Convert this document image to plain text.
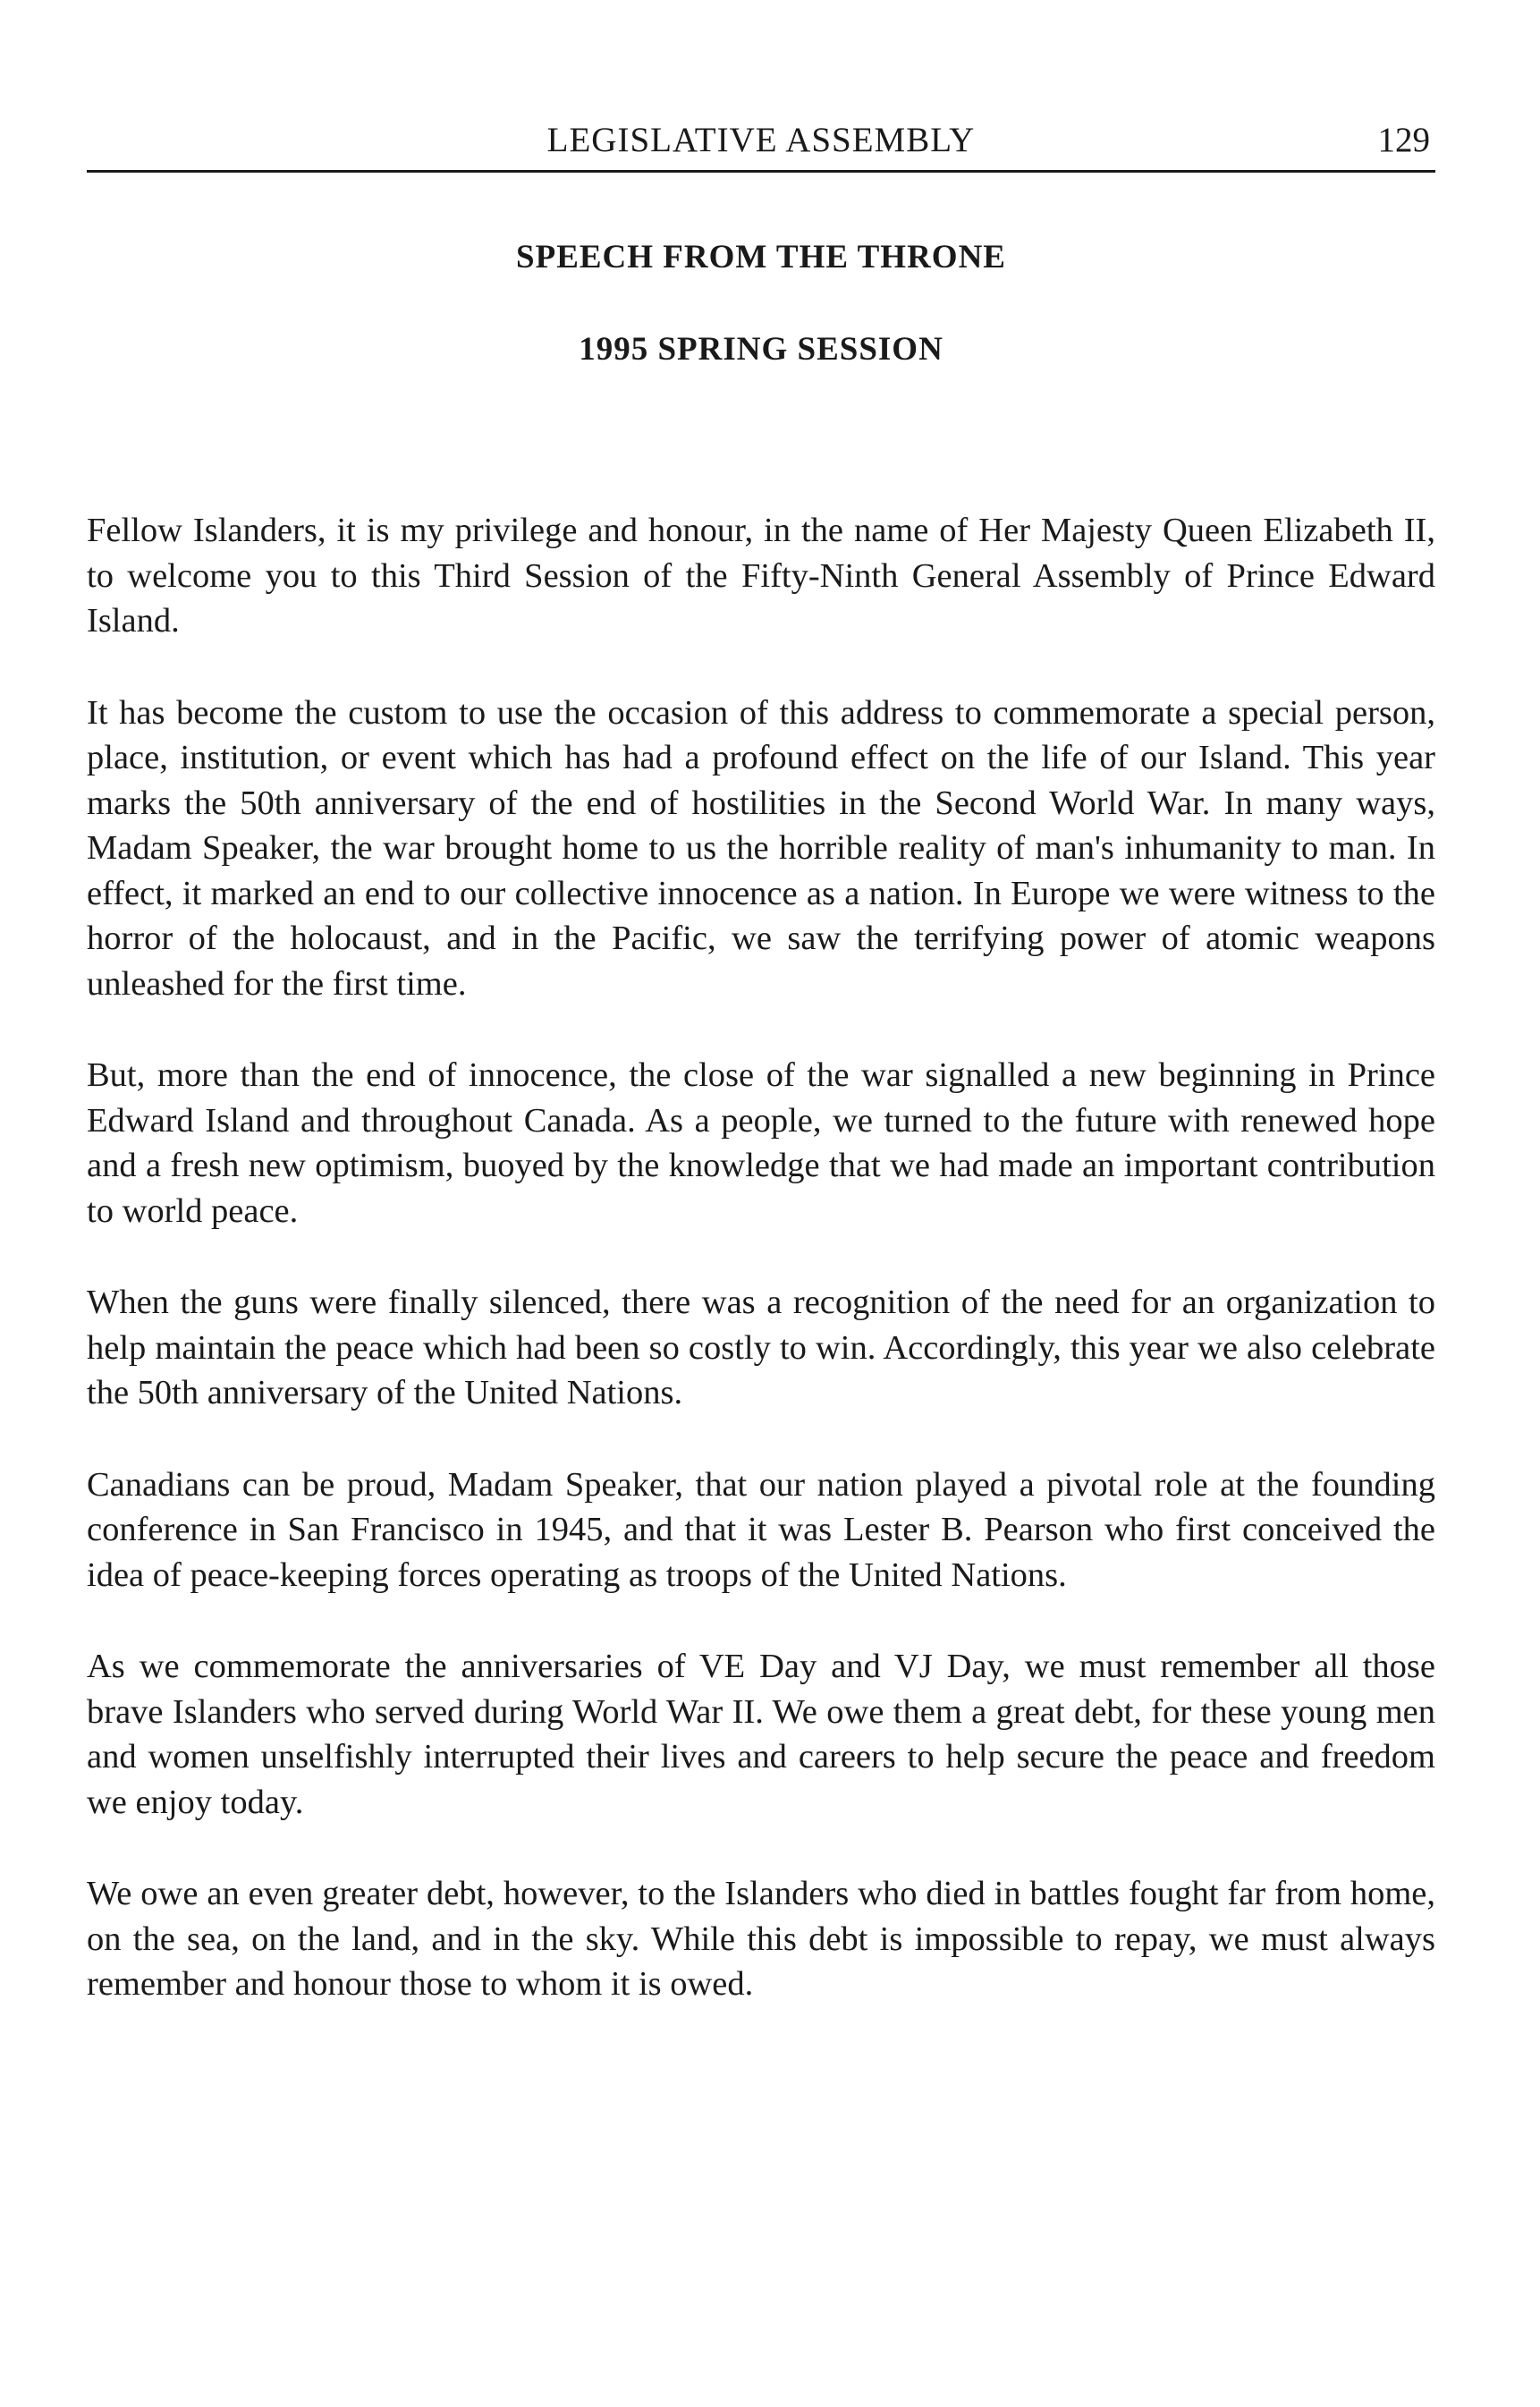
LEGISLATIVE ASSEMBLY	129
SPEECH FROM THE THRONE
1995 SPRING SESSION

Fellow Islanders, it is my privilege and honour, in the name of Her Majesty Queen Elizabeth II, to welcome you to this Third Session of the Fifty-Ninth General Assembly of Prince Edward Island.

It has become the custom to use the occasion of this address to commemorate a special person, place, institution, or event which has had a profound effect on the life of our Island. This year marks the 50th anniversary of the end of hostilities in the Second World War. In many ways, Madam Speaker, the war brought home to us the horrible reality of man's inhumanity to man. In effect, it marked an end to our collective innocence as a nation. In Europe we were witness to the horror of the holocaust, and in the Pacific, we saw the terrifying power of atomic weapons unleashed for the first time.

But, more than the end of innocence, the close of the war signalled a new beginning in Prince Edward Island and throughout Canada. As a people, we turned to the future with renewed hope and a fresh new optimism, buoyed by the knowledge that we had made an important contribution to world peace.

When the guns were finally silenced, there was a recognition of the need for an organization to help maintain the peace which had been so costly to win. Accordingly, this year we also celebrate the 50th anniversary of the United Nations.

Canadians can be proud, Madam Speaker, that our nation played a pivotal role at the founding conference in San Francisco in 1945, and that it was Lester B. Pearson who first conceived the idea of peace-keeping forces operating as troops of the United Nations.

As we commemorate the anniversaries of VE Day and VJ Day, we must remember all those brave Islanders who served during World War II. We owe them a great debt, for these young men and women unselfishly interrupted their lives and careers to help secure the peace and freedom we enjoy today.

We owe an even greater debt, however, to the Islanders who died in battles fought far from home, on the sea, on the land, and in the sky. While this debt is impossible to repay, we must always remember and honour those to whom it is owed.
